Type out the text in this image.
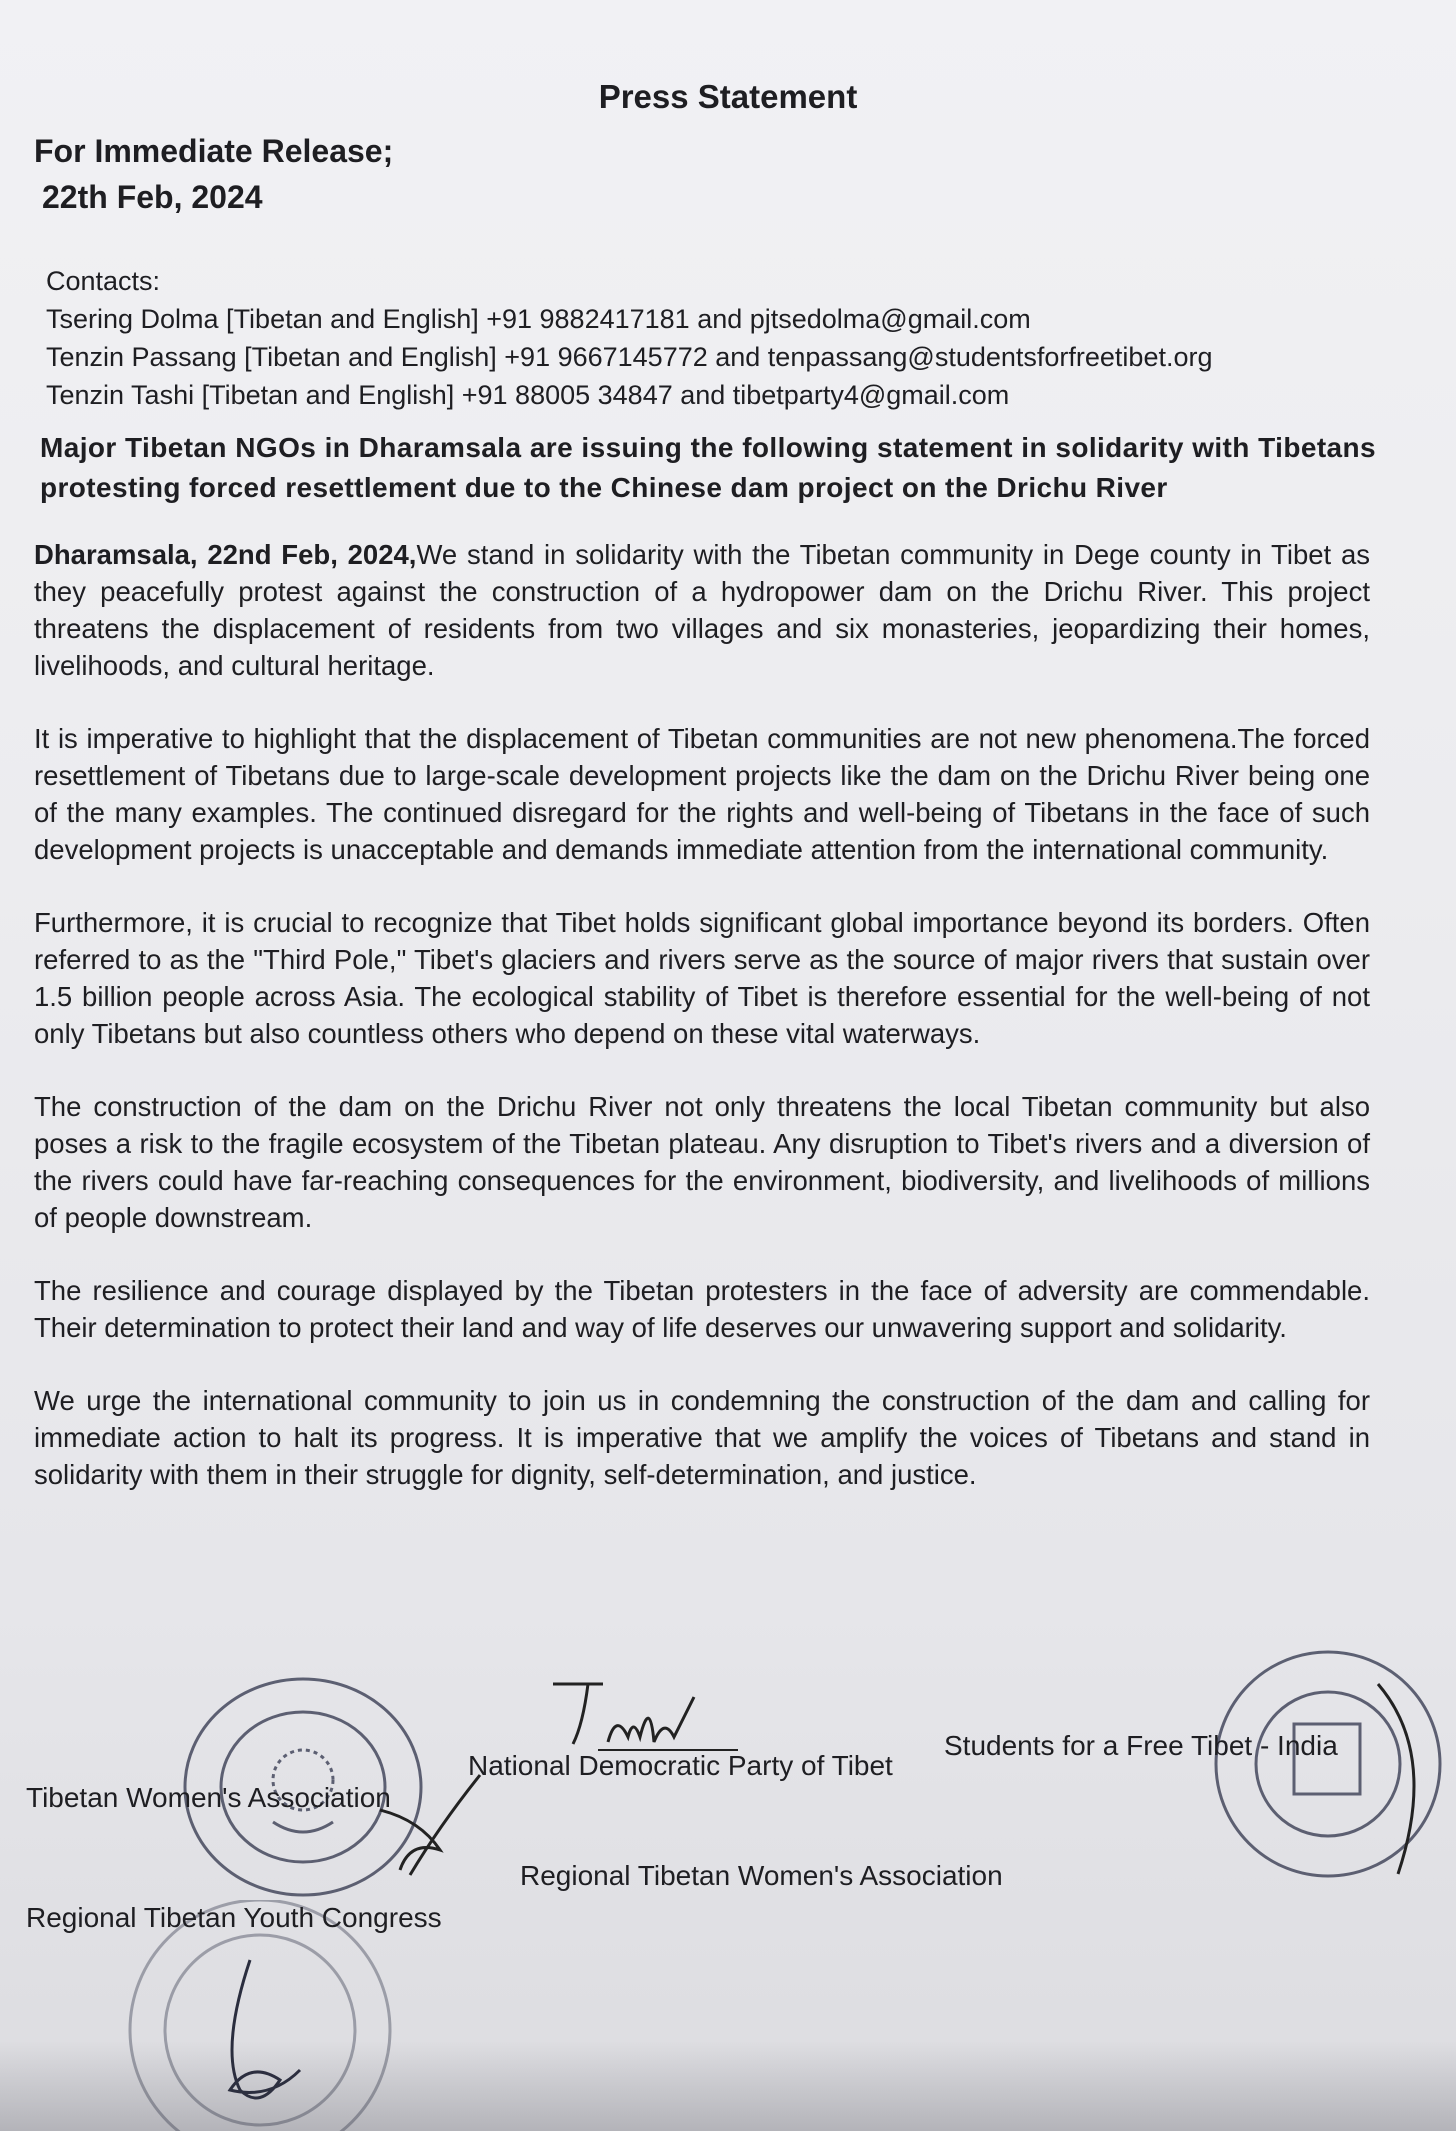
Press Statement
For Immediate Release;
22th Feb, 2024
Contacts:
Tsering Dolma [Tibetan and English] +91 9882417181 and pjtsedolma@gmail.com
Tenzin Passang [Tibetan and English] +91 9667145772 and tenpassang@studentsforfreetibet.org
Tenzin Tashi [Tibetan and English] +91 88005 34847 and tibetparty4@gmail.com
Major Tibetan NGOs in Dharamsala are issuing the following statement in solidarity with Tibetans protesting forced resettlement due to the Chinese dam project on the Drichu River

Dharamsala, 22nd Feb, 2024,We stand in solidarity with the Tibetan community in Dege county in Tibet as they peacefully protest against the construction of a hydropower dam on the Drichu River. This project threatens the displacement of residents from two villages and six monasteries, jeopardizing their homes, livelihoods, and cultural heritage.

It is imperative to highlight that the displacement of Tibetan communities are not new phenomena.The forced resettlement of Tibetans due to large-scale development projects like the dam on the Drichu River being one of the many examples. The continued disregard for the rights and well-being of Tibetans in the face of such development projects is unacceptable and demands immediate attention from the international community.

Furthermore, it is crucial to recognize that Tibet holds significant global importance beyond its borders. Often referred to as the "Third Pole," Tibet's glaciers and rivers serve as the source of major rivers that sustain over 1.5 billion people across Asia. The ecological stability of Tibet is therefore essential for the well-being of not only Tibetans but also countless others who depend on these vital waterways.

The construction of the dam on the Drichu River not only threatens the local Tibetan community but also poses a risk to the fragile ecosystem of the Tibetan plateau. Any disruption to Tibet's rivers and a diversion of the rivers could have far-reaching consequences for the environment, biodiversity, and livelihoods of millions of people downstream.

The resilience and courage displayed by the Tibetan protesters in the face of adversity are commendable. Their determination to protect their land and way of life deserves our unwavering support and solidarity.

We urge the international community to join us in condemning the construction of the dam and calling for immediate action to halt its progress. It is imperative that we amplify the voices of Tibetans and stand in solidarity with them in their struggle for dignity, self-determination, and justice.

Tibetan Women's Association
National Democratic Party of Tibet
Students for a Free Tibet - India
Regional Tibetan Youth Congress
Regional Tibetan Women's Association
